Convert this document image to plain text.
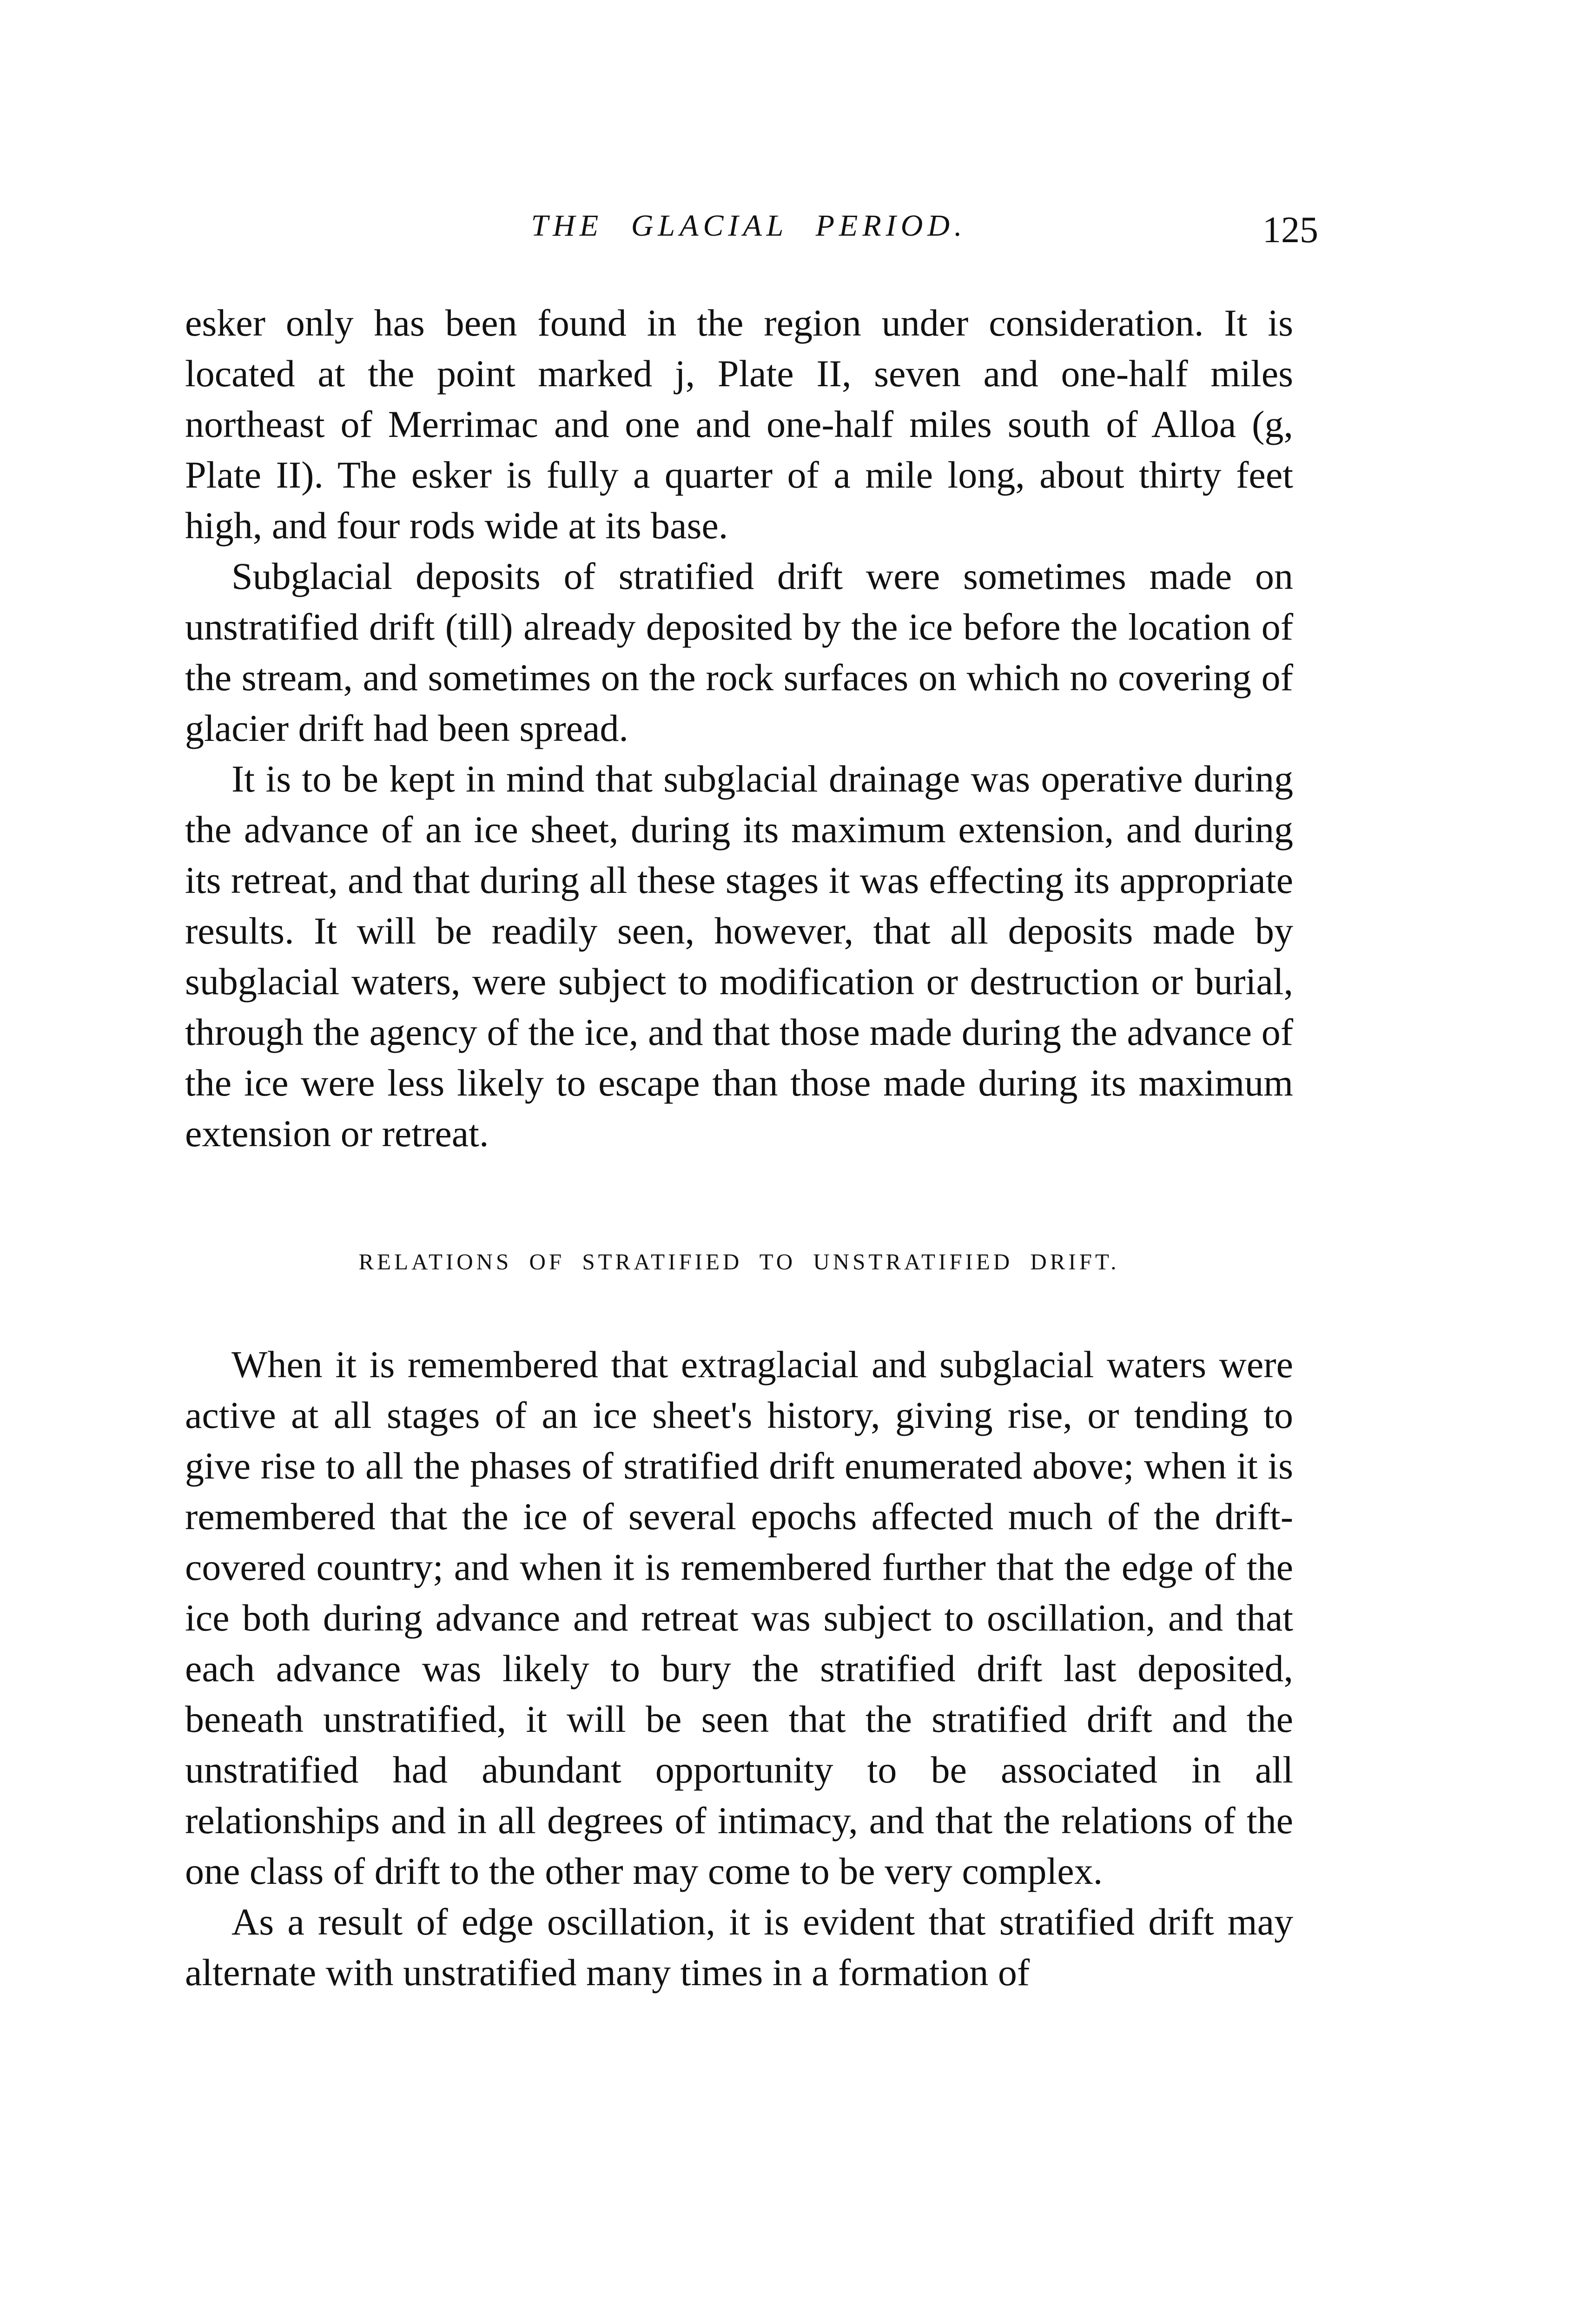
THE GLACIAL PERIOD.	125

esker only has been found in the region under consideration. It is located at the point marked j, Plate II, seven and one-half miles northeast of Merrimac and one and one-half miles south of Alloa (g, Plate II). The esker is fully a quarter of a mile long, about thirty feet high, and four rods wide at its base.

Subglacial deposits of stratified drift were sometimes made on unstratified drift (till) already deposited by the ice before the location of the stream, and sometimes on the rock surfaces on which no covering of glacier drift had been spread.

It is to be kept in mind that subglacial drainage was operative during the advance of an ice sheet, during its maximum extension, and during its retreat, and that during all these stages it was effecting its appropriate results. It will be readily seen, however, that all deposits made by subglacial waters, were subject to modification or destruction or burial, through the agency of the ice, and that those made during the advance of the ice were less likely to escape than those made during its maximum extension or retreat.

RELATIONS OF STRATIFIED TO UNSTRATIFIED DRIFT.

When it is remembered that extraglacial and subglacial waters were active at all stages of an ice sheet's history, giving rise, or tending to give rise to all the phases of stratified drift enumerated above; when it is remembered that the ice of several epochs affected much of the drift-covered country; and when it is remembered further that the edge of the ice both during advance and retreat was subject to oscillation, and that each advance was likely to bury the stratified drift last deposited, beneath unstratified, it will be seen that the stratified drift and the unstratified had abundant opportunity to be associated in all relationships and in all degrees of intimacy, and that the relations of the one class of drift to the other may come to be very complex.

As a result of edge oscillation, it is evident that stratified drift may alternate with unstratified many times in a formation of
